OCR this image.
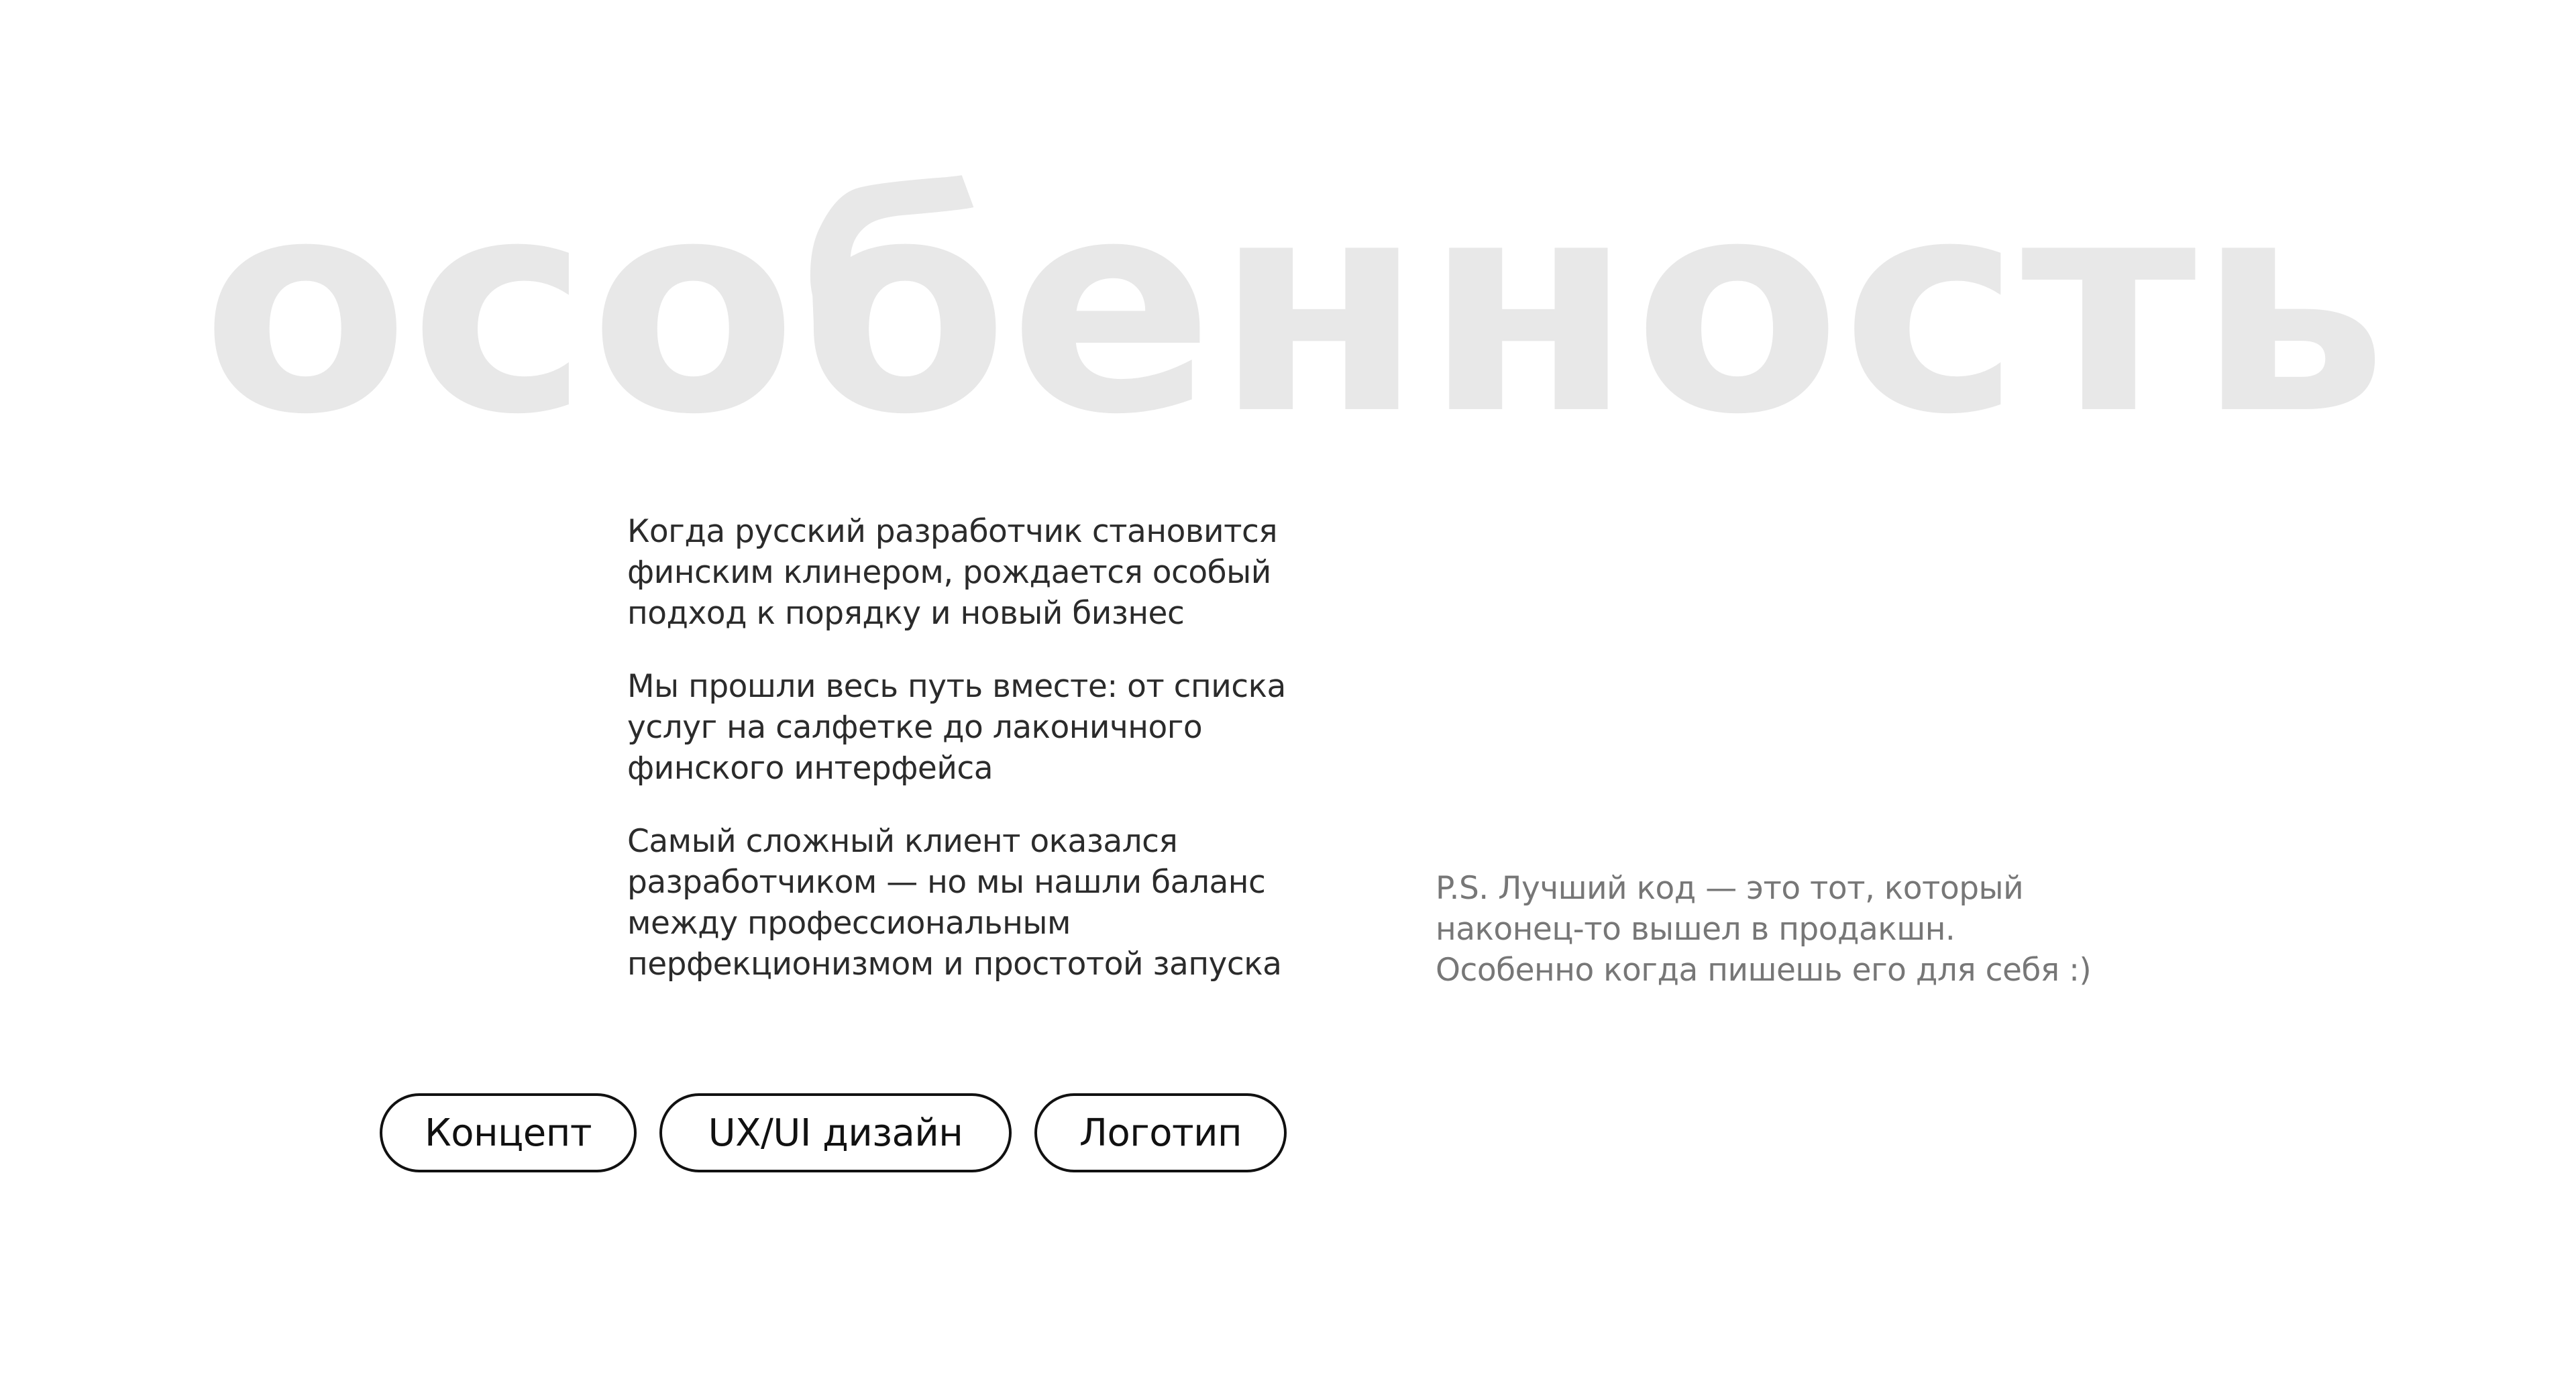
особенность

Когда русский разработчик становится
финским клинером, рождается особый
подход к порядку и новый бизнес

Мы прошли весь путь вместе: от списка
услуг на салфетке до лаконичного
финского интерфейса

Самый сложный клиент оказался
разработчиком — но мы нашли баланс
между профессиональным
перфекционизмом и простотой запуска

P.S. Лучший код — это тот, который
наконец-то вышел в продакшн.
Особенно когда пишешь его для себя :)
Концепт	UX/UI дизайн	Логотип
